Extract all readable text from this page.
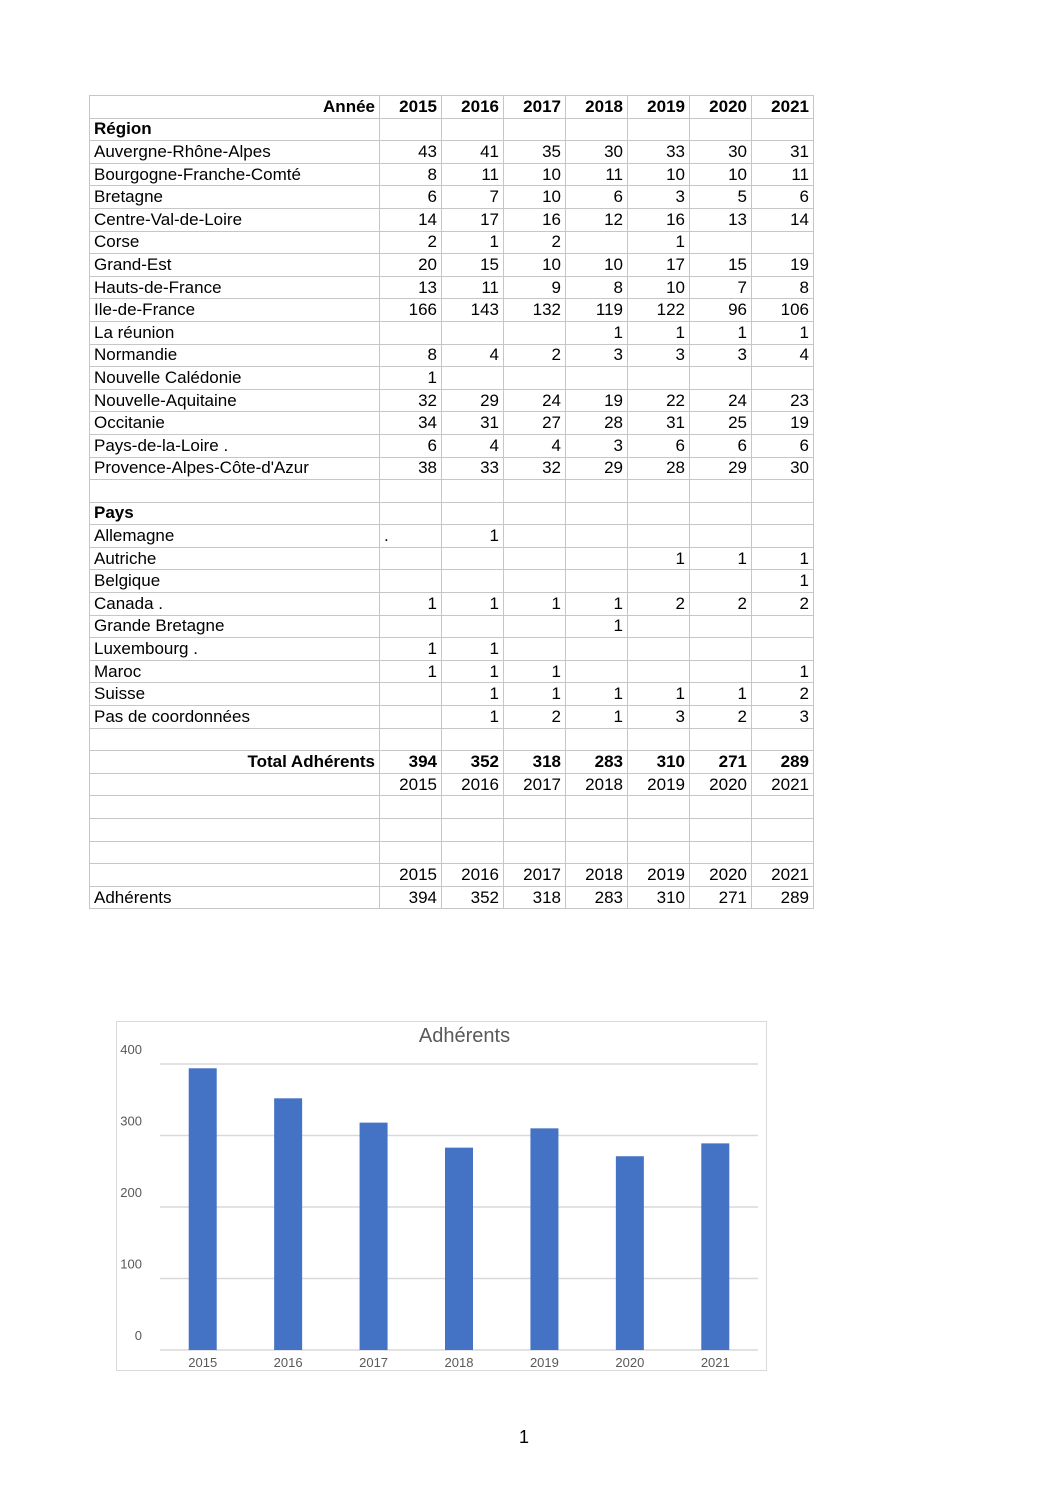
Année	2015	2016	2017	2018	2019	2020	2021
Région							
Auvergne-Rhône-Alpes	43	41	35	30	33	30	31
Bourgogne-Franche-Comté	8	11	10	11	10	10	11
Bretagne	6	7	10	6	3	5	6
Centre-Val-de-Loire	14	17	16	12	16	13	14
Corse	2	1	2		1		
Grand-Est	20	15	10	10	17	15	19
Hauts-de-France	13	11	9	8	10	7	8
Ile-de-France	166	143	132	119	122	96	106
La réunion				1	1	1	1
Normandie	8	4	2	3	3	3	4
Nouvelle Calédonie	1						
Nouvelle-Aquitaine	32	29	24	19	22	24	23
Occitanie	34	31	27	28	31	25	19
Pays-de-la-Loire .	6	4	4	3	6	6	6
Provence-Alpes-Côte-d'Azur	38	33	32	29	28	29	30

Pays							
Allemagne	.	1					
Autriche					1	1	1
Belgique							1
Canada .	1	1	1	1	2	2	2
Grande Bretagne				1			
Luxembourg .	1	1					
Maroc	1	1	1				1
Suisse		1	1	1	1	1	2
Pas de coordonnées		1	2	1	3	2	3

Total Adhérents	394	352	318	283	310	271	289
	2015	2016	2017	2018	2019	2020	2021

	2015	2016	2017	2018	2019	2020	2021
Adhérents	394	352	318	283	310	271	289
Adhérents
0
100
200
300
400
2015	2016	2017	2018	2019	2020	2021
1
